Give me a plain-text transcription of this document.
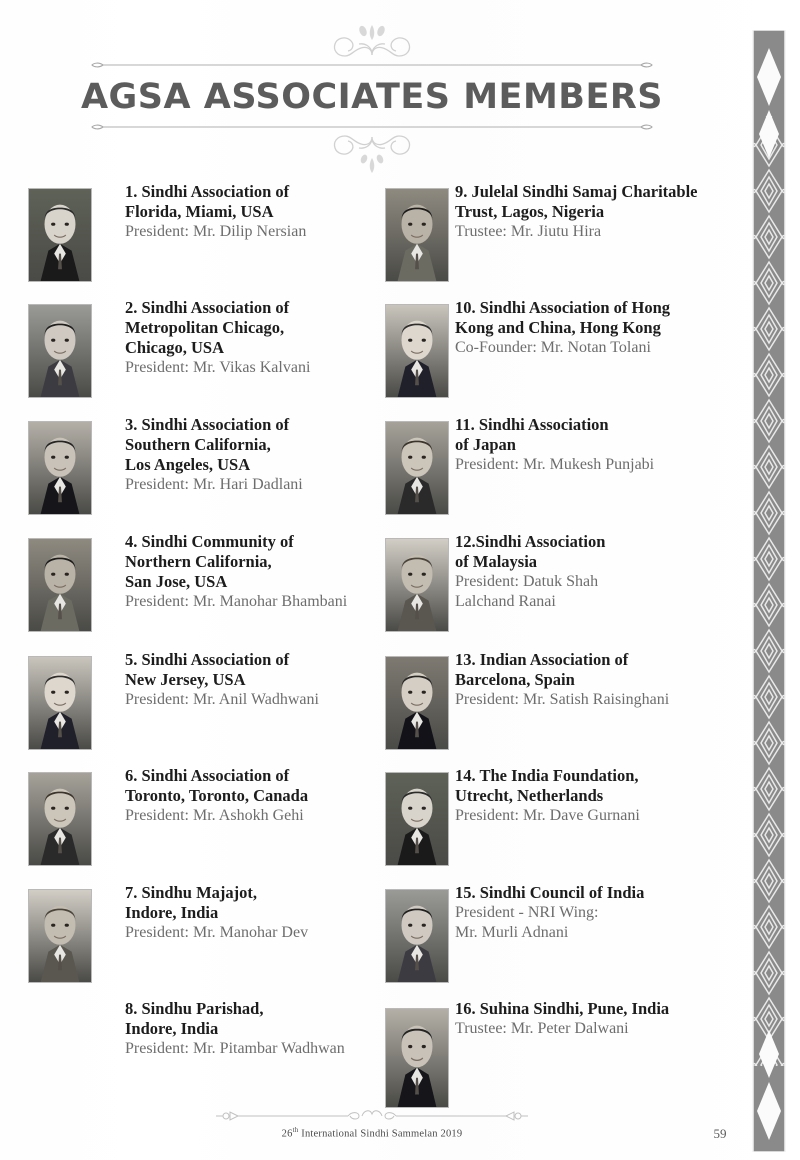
AGSA ASSOCIATES MEMBERS

1. Sindhi Association of

Florida, Miami, USA

President: Mr. Dilip Nersian

2. Sindhi Association of

Metropolitan Chicago,

Chicago, USA

President: Mr. Vikas Kalvani

3. Sindhi Association of

Southern California,

Los Angeles, USA

President: Mr. Hari Dadlani

4. Sindhi Community of

Northern California,

San Jose, USA

President: Mr. Manohar Bhambani

5. Sindhi Association of

New Jersey, USA

President: Mr. Anil Wadhwani

6. Sindhi Association of

Toronto, Toronto, Canada

President: Mr. Ashokh Gehi

7. Sindhu Majajot,

Indore, India

President: Mr. Manohar Dev

8. Sindhu Parishad,

Indore, India

President: Mr. Pitambar Wadhwan

9. Julelal Sindhi Samaj Charitable

Trust, Lagos, Nigeria

Trustee: Mr. Jiutu Hira

10. Sindhi Association of Hong

Kong and China, Hong Kong

Co-Founder: Mr. Notan Tolani

11. Sindhi Association

of Japan

President: Mr. Mukesh Punjabi

12.Sindhi Association

of Malaysia

President: Datuk Shah

Lalchand Ranai

13. Indian Association of

Barcelona, Spain

President: Mr. Satish Raisinghani

14. The India Foundation,

Utrecht, Netherlands

President: Mr. Dave Gurnani

15. Sindhi Council of India

President - NRI Wing:

Mr. Murli Adnani

16. Suhina Sindhi, Pune, India

Trustee: Mr. Peter Dalwani

26th International Sindhi Sammelan 2019	59
